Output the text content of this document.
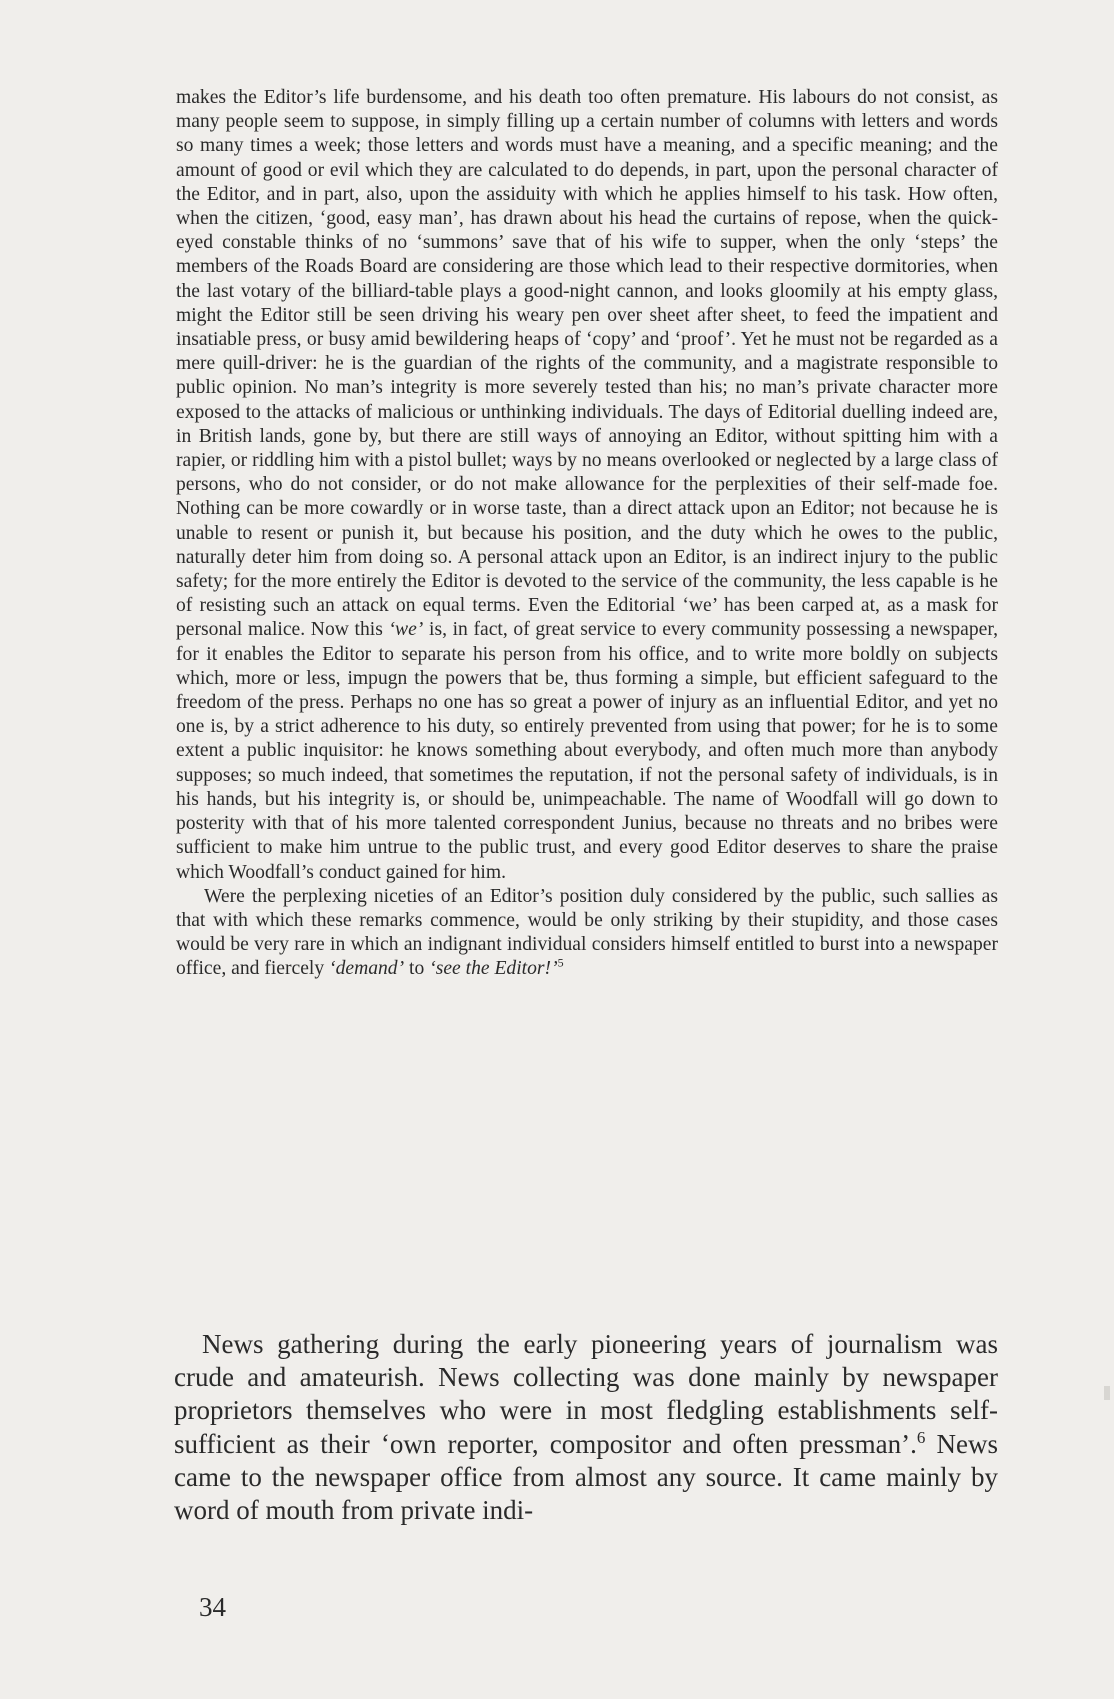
makes the Editor’s life burdensome, and his death too often premature. His labours do not consist, as many people seem to suppose, in simply filling up a certain number of columns with letters and words so many times a week; those letters and words must have a meaning, and a specific meaning; and the amount of good or evil which they are calculated to do depends, in part, upon the personal character of the Editor, and in part, also, upon the assiduity with which he applies himself to his task. How often, when the citizen, ‘good, easy man’, has drawn about his head the curtains of repose, when the quick-eyed constable thinks of no ‘summons’ save that of his wife to supper, when the only ‘steps’ the members of the Roads Board are considering are those which lead to their respective dormitories, when the last votary of the billiard-table plays a good-night cannon, and looks gloomily at his empty glass, might the Editor still be seen driving his weary pen over sheet after sheet, to feed the impatient and insatiable press, or busy amid bewildering heaps of ‘copy’ and ‘proof’. Yet he must not be regarded as a mere quill-driver: he is the guardian of the rights of the community, and a magistrate responsible to public opinion. No man’s integrity is more severely tested than his; no man’s private character more exposed to the attacks of malicious or unthinking individuals. The days of Editorial duelling indeed are, in British lands, gone by, but there are still ways of annoying an Editor, without spitting him with a rapier, or riddling him with a pistol bullet; ways by no means overlooked or neglected by a large class of persons, who do not consider, or do not make allowance for the perplexities of their self-made foe. Nothing can be more cowardly or in worse taste, than a direct attack upon an Editor; not because he is unable to resent or punish it, but because his position, and the duty which he owes to the public, naturally deter him from doing so. A personal attack upon an Editor, is an indirect injury to the public safety; for the more entirely the Editor is devoted to the service of the community, the less capable is he of resisting such an attack on equal terms. Even the Editorial ‘we’ has been carped at, as a mask for personal malice. Now this ‘we’ is, in fact, of great service to every community possessing a newspaper, for it enables the Editor to separate his person from his office, and to write more boldly on subjects which, more or less, impugn the powers that be, thus forming a simple, but efficient safeguard to the freedom of the press. Perhaps no one has so great a power of injury as an influential Editor, and yet no one is, by a strict adherence to his duty, so entirely prevented from using that power; for he is to some extent a public inquisitor: he knows something about everybody, and often much more than anybody supposes; so much indeed, that sometimes the reputation, if not the personal safety of individuals, is in his hands, but his integrity is, or should be, unimpeachable. The name of Woodfall will go down to posterity with that of his more talented correspondent Junius, because no threats and no bribes were sufficient to make him untrue to the public trust, and every good Editor deserves to share the praise which Woodfall’s conduct gained for him.

Were the perplexing niceties of an Editor’s position duly considered by the public, such sallies as that with which these remarks commence, would be only striking by their stupidity, and those cases would be very rare in which an indignant individual considers himself entitled to burst into a newspaper office, and fiercely ‘demand’ to ‘see the Editor!’$^5$

News gathering during the early pioneering years of journalism was crude and amateurish. News collecting was done mainly by newspaper proprietors themselves who were in most fledgling establishments self-sufficient as their ‘own reporter, compositor and often pressman’.$^6$ News came to the newspaper office from almost any source. It came mainly by word of mouth from private indi-

34
